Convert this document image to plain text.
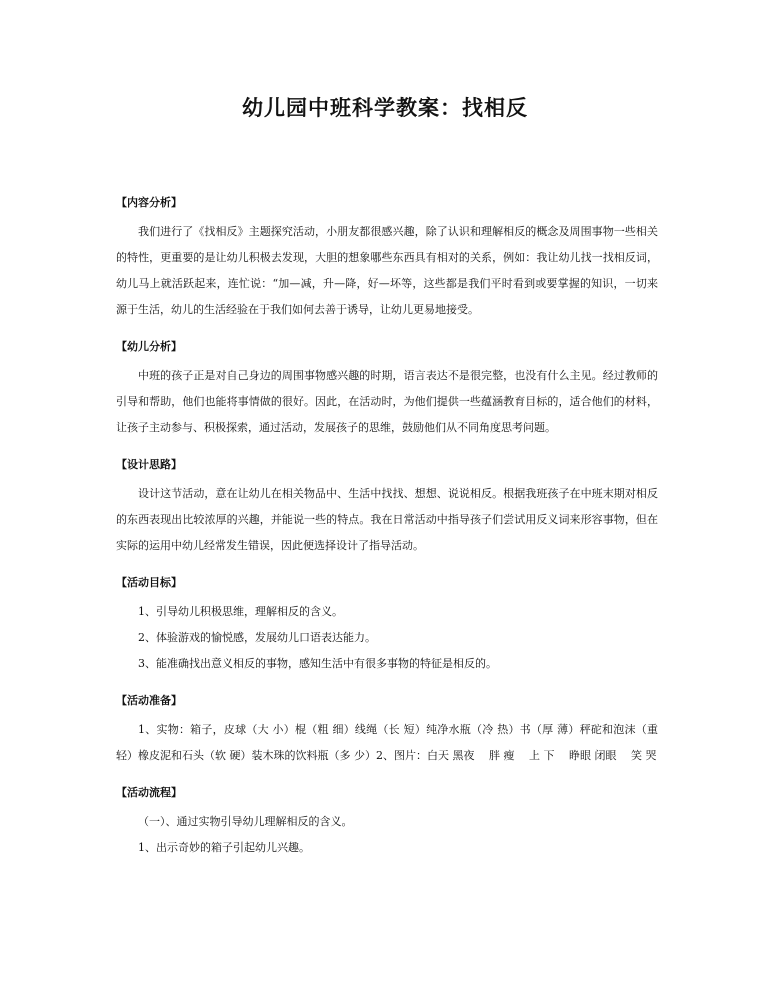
幼儿园中班科学教案：找相反

【内容分析】

我们进行了《找相反》主题探究活动，小朋友都很感兴趣，除了认识和理解相反的概念及周围事物一些相关的特性，更重要的是让幼儿积极去发现，大胆的想象哪些东西具有相对的关系，例如：我让幼儿找一找相反词，幼儿马上就活跃起来，连忙说：“加—减，升—降，好—坏等，这些都是我们平时看到或要掌握的知识，一切来源于生活，幼儿的生活经验在于我们如何去善于诱导，让幼儿更易地接受。

【幼儿分析】

中班的孩子正是对自己身边的周围事物感兴趣的时期，语言表达不是很完整，也没有什么主见。经过教师的引导和帮助，他们也能将事情做的很好。因此，在活动时，为他们提供一些蕴涵教育目标的，适合他们的材料，让孩子主动参与、积极探索，通过活动，发展孩子的思维，鼓励他们从不同角度思考问题。

【设计思路】

设计这节活动，意在让幼儿在相关物品中、生活中找找、想想、说说相反。根据我班孩子在中班末期对相反的东西表现出比较浓厚的兴趣，并能说一些的特点。我在日常活动中指导孩子们尝试用反义词来形容事物，但在实际的运用中幼儿经常发生错误，因此便选择设计了指导活动。

【活动目标】

1、引导幼儿积极思维，理解相反的含义。

2、体验游戏的愉悦感，发展幼儿口语表达能力。

3、能准确找出意义相反的事物，感知生活中有很多事物的特征是相反的。

【活动准备】

1、实物：箱子，皮球（大 小）棍（粗 细）线绳（长 短）纯净水瓶（冷 热）书（厚 薄）秤砣和泡沫（重 轻）橡皮泥和石头（软 硬）装木珠的饮料瓶（多 少）2、图片：白天 黑夜　 胖 瘦　 上 下　 睁眼 闭眼　 笑 哭

【活动流程】

（一）、通过实物引导幼儿理解相反的含义。

1、出示奇妙的箱子引起幼儿兴趣。
